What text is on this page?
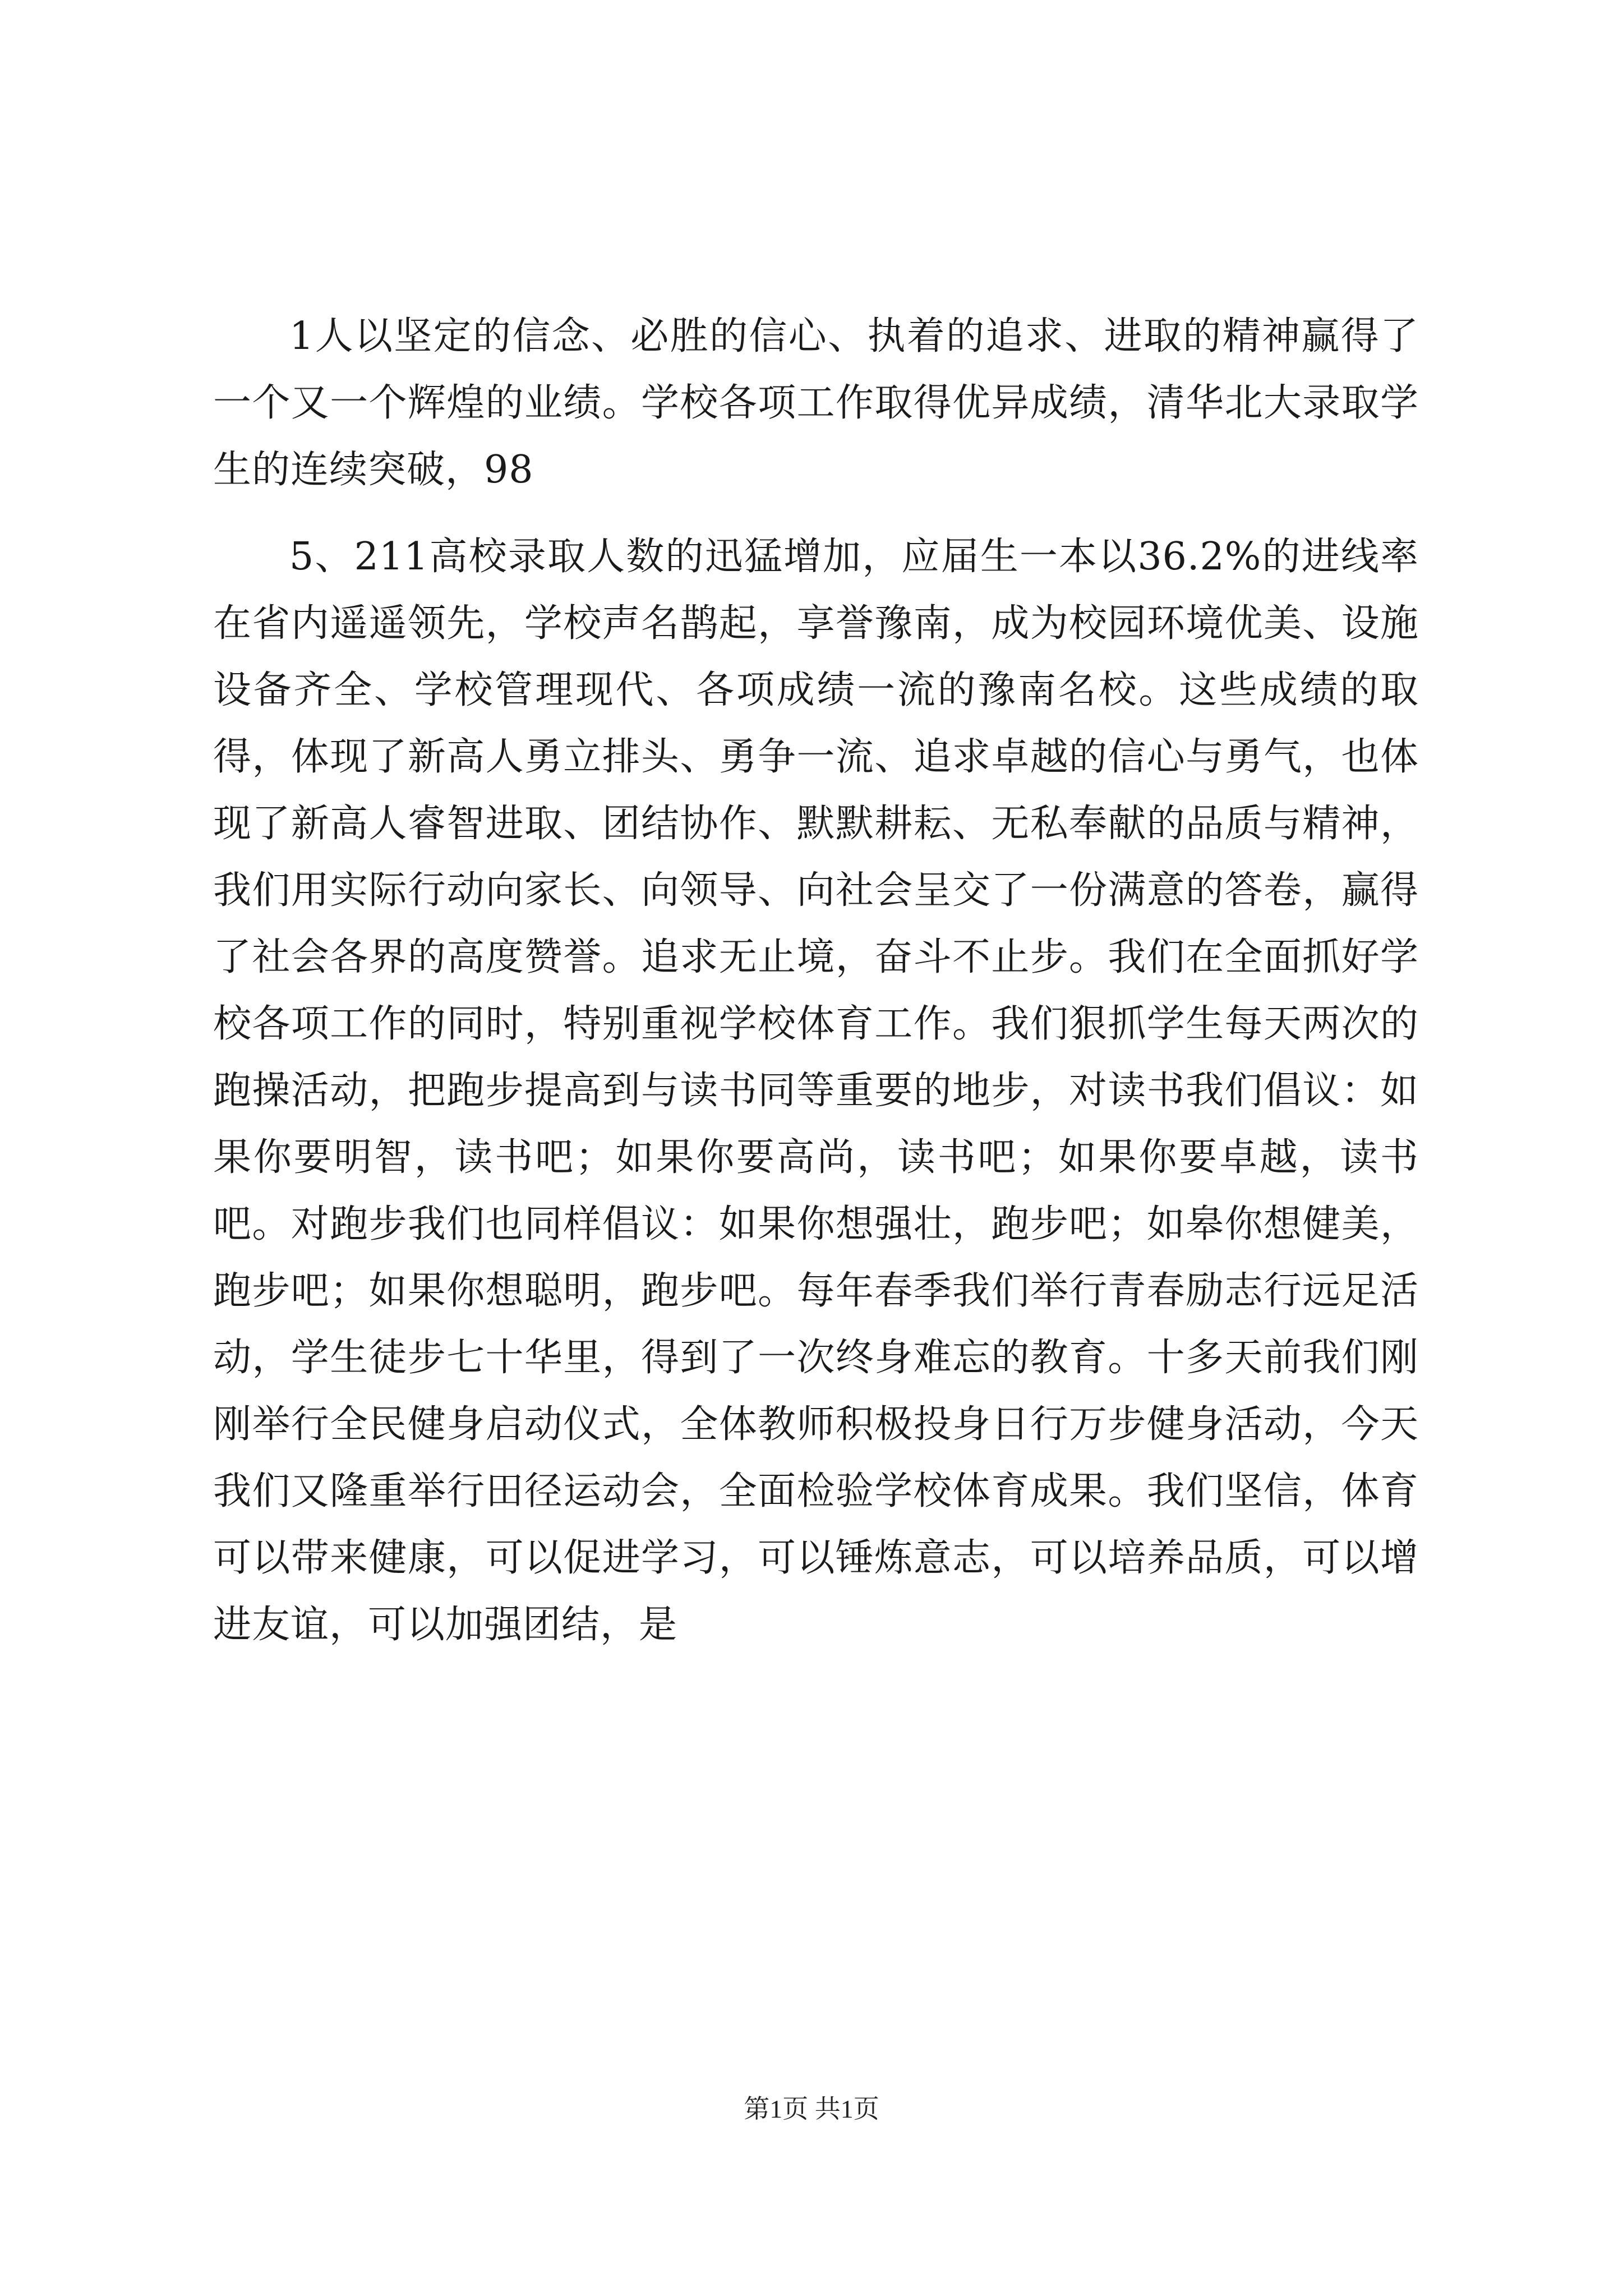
1人以坚定的信念、必胜的信心、执着的追求、进取的精神赢得了一个又一个辉煌的业绩。学校各项工作取得优异成绩，清华北大录取学生的连续突破，98

5、211高校录取人数的迅猛增加，应届生一本以36.2%的进线率在省内遥遥领先，学校声名鹊起，享誉豫南，成为校园环境优美、设施设备齐全、学校管理现代、各项成绩一流的豫南名校。这些成绩的取得，体现了新高人勇立排头、勇争一流、追求卓越的信心与勇气，也体现了新高人睿智进取、团结协作、默默耕耘、无私奉献的品质与精神，我们用实际行动向家长、向领导、向社会呈交了一份满意的答卷，赢得了社会各界的高度赞誉。追求无止境，奋斗不止步。我们在全面抓好学校各项工作的同时，特别重视学校体育工作。我们狠抓学生每天两次的跑操活动，把跑步提高到与读书同等重要的地步，对读书我们倡议：如果你要明智，读书吧；如果你要高尚，读书吧；如果你要卓越，读书吧。对跑步我们也同样倡议：如果你想强壮，跑步吧；如皋你想健美，跑步吧；如果你想聪明，跑步吧。每年春季我们举行青春励志行远足活动，学生徒步七十华里，得到了一次终身难忘的教育。十多天前我们刚刚举行全民健身启动仪式，全体教师积极投身日行万步健身活动，今天我们又隆重举行田径运动会，全面检验学校体育成果。我们坚信，体育可以带来健康，可以促进学习，可以锤炼意志，可以培养品质，可以增进友谊，可以加强团结，是

第1页 共1页
